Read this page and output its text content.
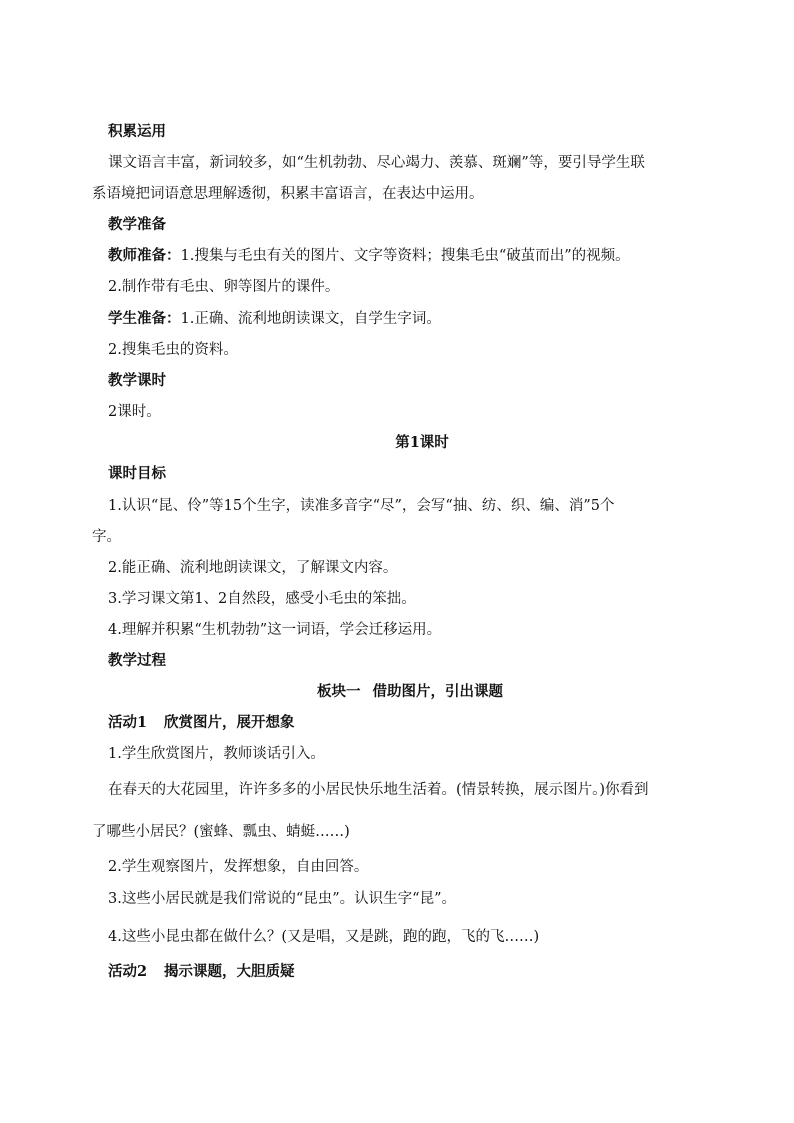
积累运用
课文语言丰富，新词较多，如“生机勃勃、尽心竭力、羡慕、斑斓”等，要引导学生联
系语境把词语意思理解透彻，积累丰富语言，在表达中运用。
教学准备
教师准备：1.搜集与毛虫有关的图片、文字等资料；搜集毛虫“破茧而出”的视频。
2.制作带有毛虫、卵等图片的课件。
学生准备：1.正确、流利地朗读课文，自学生字词。
2.搜集毛虫的资料。
教学课时
2课时。
第1课时
课时目标
1.认识“昆、伶”等15个生字，读准多音字“尽”，会写“抽、纺、织、编、消”5个
字。
2.能正确、流利地朗读课文，了解课文内容。
3.学习课文第1、2自然段，感受小毛虫的笨拙。
4.理解并积累“生机勃勃”这一词语，学会迁移运用。
教学过程
板块一 借助图片，引出课题
活动1 欣赏图片，展开想象
1.学生欣赏图片，教师谈话引入。
在春天的大花园里，许许多多的小居民快乐地生活着。(情景转换，展示图片。)你看到
了哪些小居民？(蜜蜂、瓢虫、蜻蜓……)
2.学生观察图片，发挥想象，自由回答。
3.这些小居民就是我们常说的“昆虫”。认识生字“昆”。
4.这些小昆虫都在做什么？(又是唱，又是跳，跑的跑，飞的飞……)
活动2 揭示课题，大胆质疑
